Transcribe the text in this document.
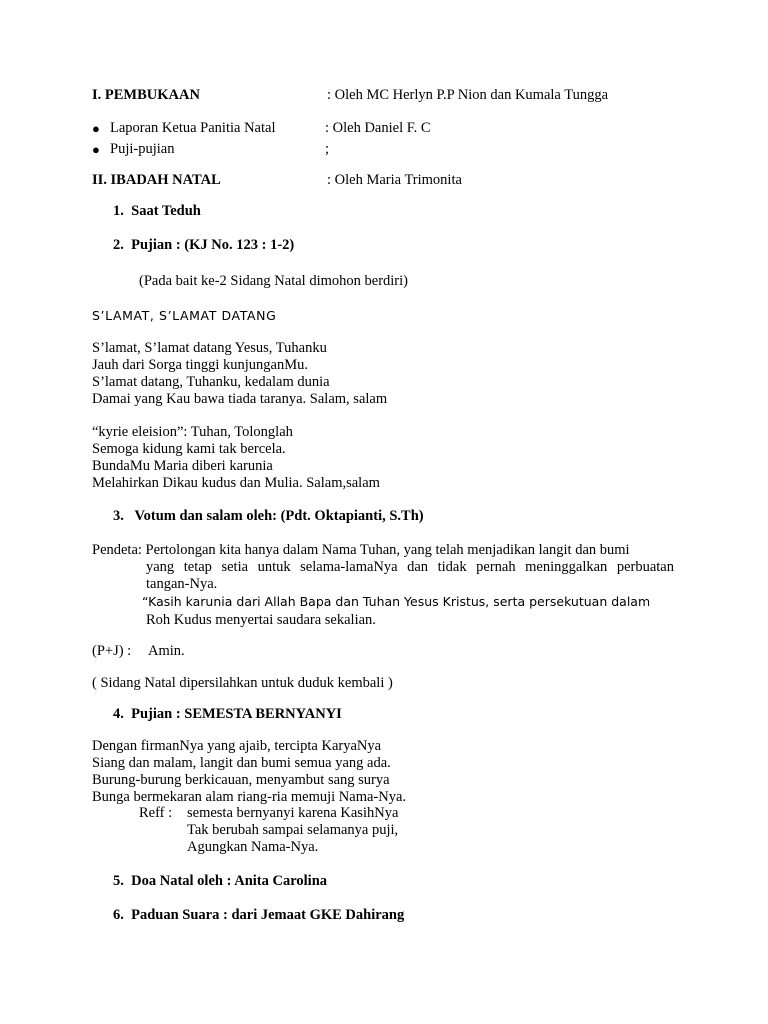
I. PEMBUKAAN	: Oleh MC Herlyn P.P Nion dan Kumala Tungga
● Laporan Ketua Panitia Natal	: Oleh Daniel F. C
● Puji-pujian	;
II. IBADAH NATAL	: Oleh Maria Trimonita
1.  Saat Teduh
2.  Pujian : (KJ No. 123 : 1-2)
(Pada bait ke-2 Sidang Natal dimohon berdiri)
S’LAMAT, S’LAMAT DATANG
S’lamat, S’lamat datang Yesus, Tuhanku
Jauh dari Sorga tinggi kunjunganMu.
S’lamat datang, Tuhanku, kedalam dunia
Damai yang Kau bawa tiada taranya. Salam, salam
“kyrie eleision”: Tuhan, Tolonglah
Semoga kidung kami tak bercela.
BundaMu Maria diberi karunia
Melahirkan Dikau kudus dan Mulia. Salam,salam
3.   Votum dan salam oleh: (Pdt. Oktapianti, S.Th)
Pendeta: Pertolongan kita hanya dalam Nama Tuhan, yang telah menjadikan langit dan bumi
yang tetap setia untuk selama-lamaNya dan tidak pernah meninggalkan perbuatan
tangan-Nya.
“Kasih karunia dari Allah Bapa dan Tuhan Yesus Kristus, serta persekutuan dalam
Roh Kudus menyertai saudara sekalian.
(P+J) : Amin.
( Sidang Natal dipersilahkan untuk duduk kembali )
4.  Pujian : SEMESTA BERNYANYI
Dengan firmanNya yang ajaib, tercipta KaryaNya
Siang dan malam, langit dan bumi semua yang ada.
Burung-burung berkicauan, menyambut sang surya
Bunga bermekaran alam riang-ria memuji Nama-Nya.
Reff : semesta bernyanyi karena KasihNya
Tak berubah sampai selamanya puji,
Agungkan Nama-Nya.
5.  Doa Natal oleh : Anita Carolina
6.  Paduan Suara : dari Jemaat GKE Dahirang
